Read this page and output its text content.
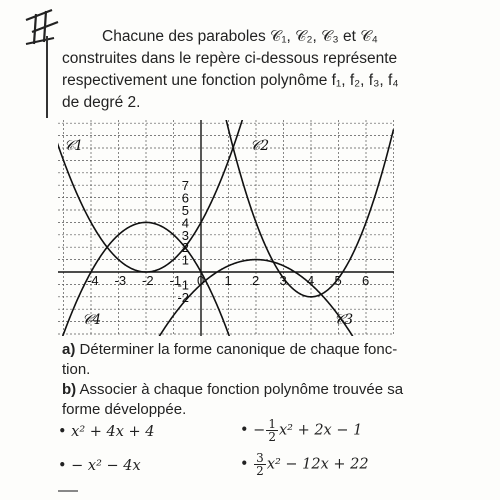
Chacune des paraboles 𝒞₁, 𝒞₂, 𝒞₃ et 𝒞₄
construites dans le repère ci-dessous représente
respectivement une fonction polynôme f₁, f₂, f₃, f₄
de degré 2.
-4 -3 -2 -1 0 1 2 3 4 5 6
-2
-1
1
2
3
4
5
6
7
𝒞1	𝒞2
𝒞3
𝒞4
a) Déterminer la forme canonique de chaque fonc-
tion.
b) Associer à chaque fonction polynôme trouvée sa
forme développée.
• x² + 4x + 4	• − $\frac{1}{2} x^2 + 2x - 1$
• − x² − 4x	• $\frac{3}{2} x^2 - 12x + 22$
